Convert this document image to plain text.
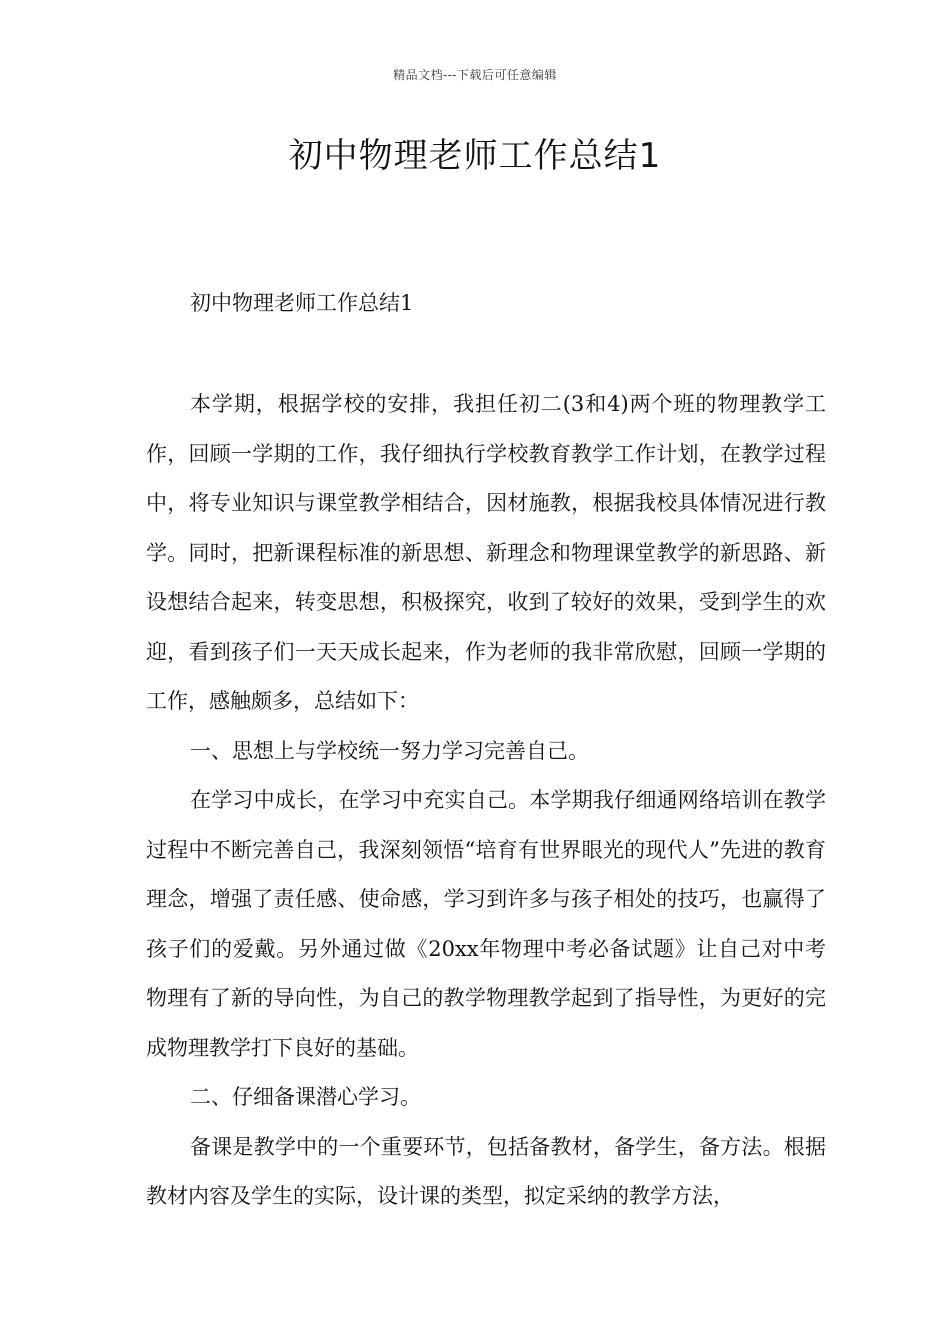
精品文档---下载后可任意编辑
初中物理老师工作总结1
初中物理老师工作总结1

本学期，根据学校的安排，我担任初二(3和4)两个班的物理教学工作，回顾一学期的工作，我仔细执行学校教育教学工作计划，在教学过程中，将专业知识与课堂教学相结合，因材施教，根据我校具体情况进行教学。同时，把新课程标准的新思想、新理念和物理课堂教学的新思路、新设想结合起来，转变思想，积极探究，收到了较好的效果，受到学生的欢迎，看到孩子们一天天成长起来，作为老师的我非常欣慰，回顾一学期的工作，感触颇多，总结如下：

一、思想上与学校统一努力学习完善自己。

在学习中成长，在学习中充实自己。本学期我仔细通网络培训在教学过程中不断完善自己，我深刻领悟“培育有世界眼光的现代人”先进的教育理念，增强了责任感、使命感，学习到许多与孩子相处的技巧，也赢得了孩子们的爱戴。另外通过做《20xx年物理中考必备试题》让自己对中考物理有了新的导向性，为自己的教学物理教学起到了指导性，为更好的完成物理教学打下良好的基础。

二、仔细备课潜心学习。

备课是教学中的一个重要环节，包括备教材，备学生，备方法。根据教材内容及学生的实际，设计课的类型，拟定采纳的教学方法，
